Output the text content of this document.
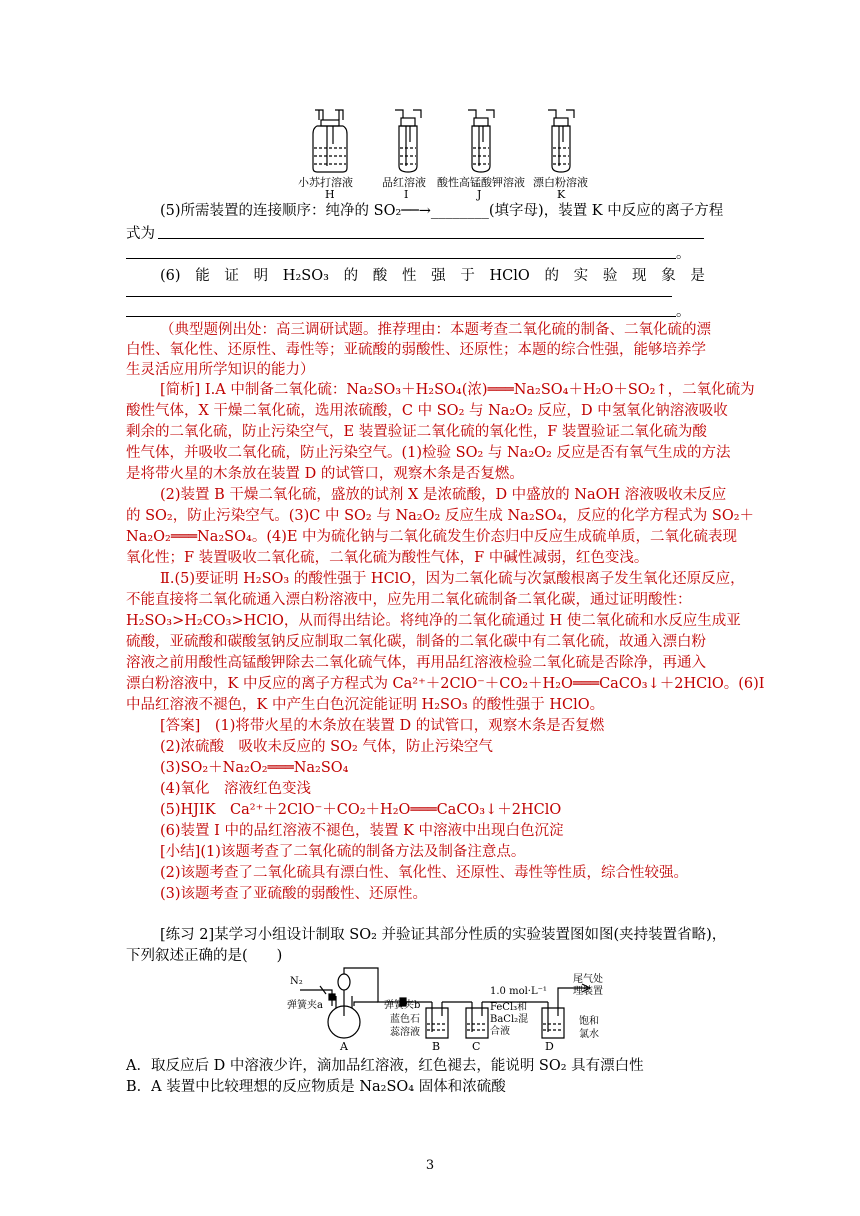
小苏打溶液	品红溶液 酸性高锰酸钾溶液 漂白粉溶液
H	I	J	K
(5)所需装置的连接顺序：纯净的 SO₂──→________(填字母)，装置 K 中反应的离子方程
式为
。
(6) 能 证 明 H₂SO₃ 的 酸 性 强 于 HClO 的 实 验 现 象 是
。
（典型题例出处：高三调研试题。推荐理由：本题考查二氧化硫的制备、二氧化硫的漂
白性、氧化性、还原性、毒性等；亚硫酸的弱酸性、还原性；本题的综合性强，能够培养学
生灵活应用所学知识的能力）
[简析] Ⅰ.A 中制备二氧化硫：Na₂SO₃＋H₂SO₄(浓)═══Na₂SO₄＋H₂O＋SO₂↑，二氧化硫为
酸性气体，X 干燥二氧化硫，选用浓硫酸，C 中 SO₂ 与 Na₂O₂ 反应，D 中氢氧化钠溶液吸收
剩余的二氧化硫，防止污染空气，E 装置验证二氧化硫的氧化性，F 装置验证二氧化硫为酸
性气体，并吸收二氧化硫，防止污染空气。(1)检验 SO₂ 与 Na₂O₂ 反应是否有氧气生成的方法
是将带火星的木条放在装置 D 的试管口，观察木条是否复燃。
(2)装置 B 干燥二氧化硫，盛放的试剂 X 是浓硫酸，D 中盛放的 NaOH 溶液吸收未反应
的 SO₂，防止污染空气。(3)C 中 SO₂ 与 Na₂O₂ 反应生成 Na₂SO₄，反应的化学方程式为 SO₂＋
Na₂O₂═══Na₂SO₄。(4)E 中为硫化钠与二氧化硫发生价态归中反应生成硫单质，二氧化硫表现
氧化性；F 装置吸收二氧化硫，二氧化硫为酸性气体，F 中碱性减弱，红色变浅。
Ⅱ.(5)要证明 H₂SO₃ 的酸性强于 HClO，因为二氧化硫与次氯酸根离子发生氧化还原反应，
不能直接将二氧化硫通入漂白粉溶液中，应先用二氧化硫制备二氧化碳，通过证明酸性：
H₂SO₃>H₂CO₃>HClO，从而得出结论。将纯净的二氧化硫通过 H 使二氧化硫和水反应生成亚
硫酸，亚硫酸和碳酸氢钠反应制取二氧化碳，制备的二氧化碳中有二氧化硫，故通入漂白粉
溶液之前用酸性高锰酸钾除去二氧化硫气体，再用品红溶液检验二氧化硫是否除净，再通入
漂白粉溶液中，K 中反应的离子方程式为 Ca²⁺＋2ClO⁻＋CO₂＋H₂O═══CaCO₃↓＋2HClO。(6)I
中品红溶液不褪色，K 中产生白色沉淀能证明 H₂SO₃ 的酸性强于 HClO。
[答案]　(1)将带火星的木条放在装置 D 的试管口，观察木条是否复燃
(2)浓硫酸　吸收未反应的 SO₂ 气体，防止污染空气
(3)SO₂＋Na₂O₂═══Na₂SO₄
(4)氧化　溶液红色变浅
(5)HJIK　Ca²⁺＋2ClO⁻＋CO₂＋H₂O═══CaCO₃↓＋2HClO
(6)装置 I 中的品红溶液不褪色，装置 K 中溶液中出现白色沉淀
[小结](1)该题考查了二氧化硫的制备方法及制备注意点。
(2)该题考查了二氧化硫具有漂白性、氧化性、还原性、毒性等性质，综合性较强。
(3)该题考查了亚硫酸的弱酸性、还原性。
[练习 2]某学习小组设计制取 SO₂ 并验证其部分性质的实验装置图如图(夹持装置省略)，
下列叙述正确的是(　　)
N₂
弹簧夹a	弹簧夹b
蓝色石
蕊溶液
1.0 mol·L⁻¹
FeCl₃和
BaCl₂混
合液
尾气处
理装置
饱和
氯水
A	B	C	D
A．取反应后 D 中溶液少许，滴加品红溶液，红色褪去，能说明 SO₂ 具有漂白性
B．A 装置中比较理想的反应物质是 Na₂SO₄ 固体和浓硫酸
3
